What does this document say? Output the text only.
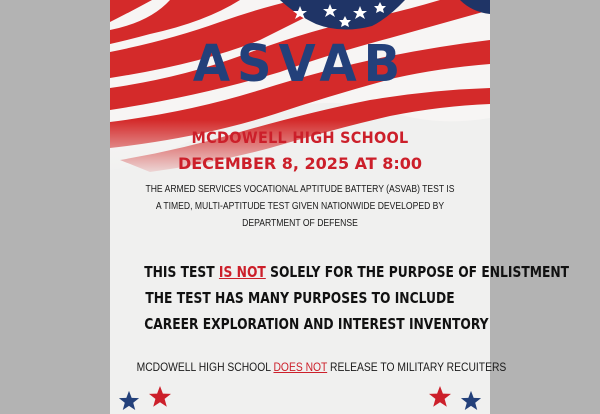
ASVAB
MCDOWELL HIGH SCHOOL
DECEMBER 8, 2025 AT 8:00
THE ARMED SERVICES VOCATIONAL APTITUDE BATTERY (ASVAB) TEST IS A TIMED, MULTI-APTITUDE TEST GIVEN NATIONWIDE DEVELOPED BY DEPARTMENT OF DEFENSE
THIS TEST IS NOT SOLELY FOR THE PURPOSE OF ENLISTMENT
THE TEST HAS MANY PURPOSES TO INCLUDE
CAREER EXPLORATION AND INTEREST INVENTORY
MCDOWELL HIGH SCHOOL DOES NOT RELEASE TO MILITARY RECUITERS
